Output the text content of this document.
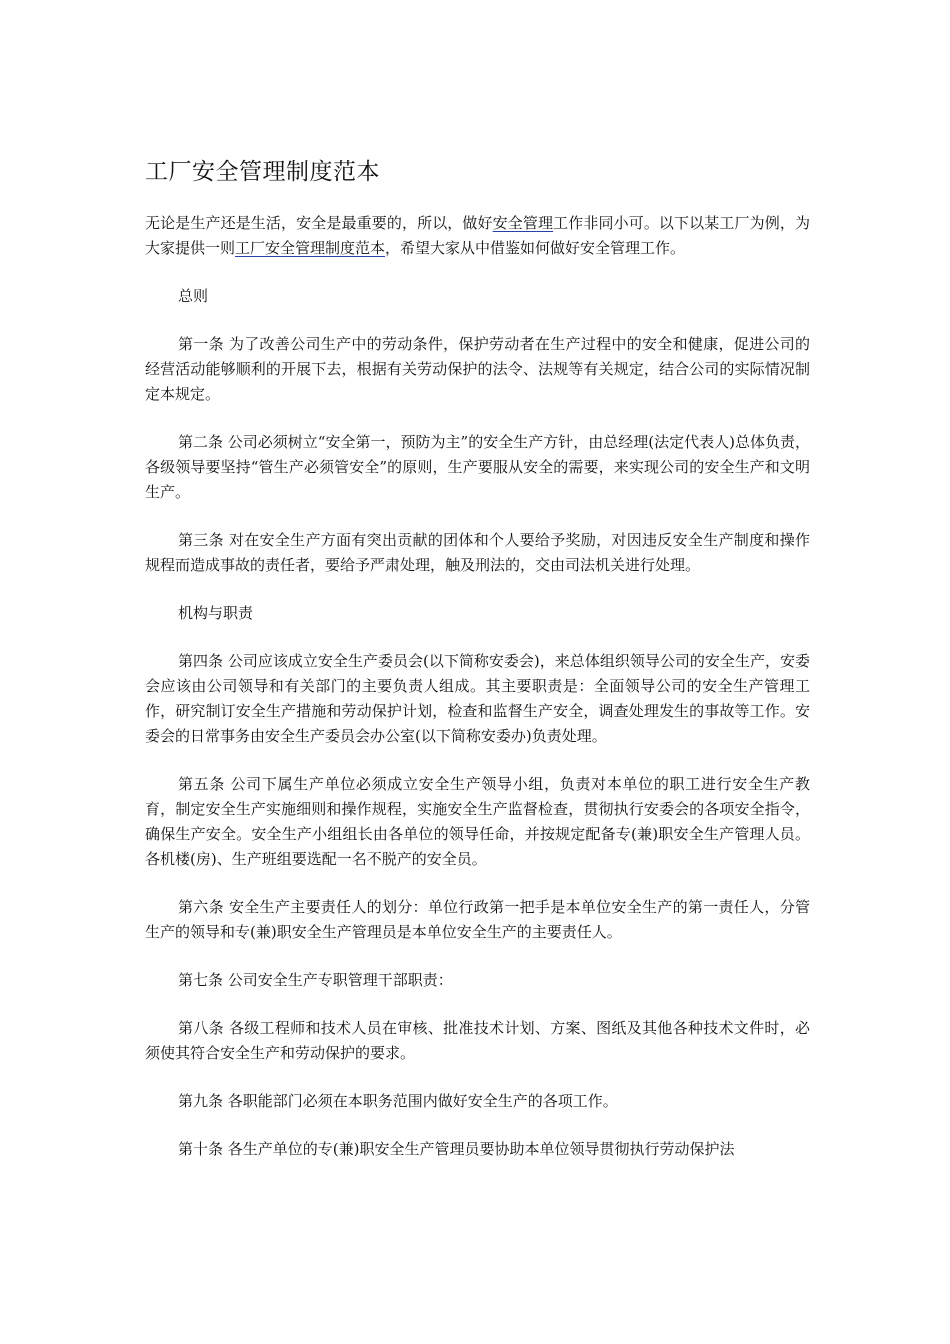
工厂安全管理制度范本

无论是生产还是生活，安全是最重要的，所以，做好安全管理工作非同小可。以下以某工厂为例，为大家提供一则工厂安全管理制度范本，希望大家从中借鉴如何做好安全管理工作。

总则

第一条 为了改善公司生产中的劳动条件，保护劳动者在生产过程中的安全和健康，促进公司的经营活动能够顺利的开展下去，根据有关劳动保护的法令、法规等有关规定，结合公司的实际情况制定本规定。

第二条 公司必须树立“安全第一，预防为主”的安全生产方针，由总经理(法定代表人)总体负责，各级领导要坚持“管生产必须管安全”的原则，生产要服从安全的需要，来实现公司的安全生产和文明生产。

第三条 对在安全生产方面有突出贡献的团体和个人要给予奖励，对因违反安全生产制度和操作规程而造成事故的责任者，要给予严肃处理，触及刑法的，交由司法机关进行处理。

机构与职责

第四条 公司应该成立安全生产委员会(以下简称安委会)，来总体组织领导公司的安全生产，安委会应该由公司领导和有关部门的主要负责人组成。其主要职责是：全面领导公司的安全生产管理工作，研究制订安全生产措施和劳动保护计划，检查和监督生产安全，调查处理发生的事故等工作。安委会的日常事务由安全生产委员会办公室(以下简称安委办)负责处理。

第五条 公司下属生产单位必须成立安全生产领导小组，负责对本单位的职工进行安全生产教育，制定安全生产实施细则和操作规程，实施安全生产监督检查，贯彻执行安委会的各项安全指令，确保生产安全。安全生产小组组长由各单位的领导任命，并按规定配备专(兼)职安全生产管理人员。各机楼(房)、生产班组要选配一名不脱产的安全员。

第六条 安全生产主要责任人的划分：单位行政第一把手是本单位安全生产的第一责任人，分管生产的领导和专(兼)职安全生产管理员是本单位安全生产的主要责任人。

第七条 公司安全生产专职管理干部职责：

第八条 各级工程师和技术人员在审核、批准技术计划、方案、图纸及其他各种技术文件时，必须使其符合安全生产和劳动保护的要求。

第九条 各职能部门必须在本职务范围内做好安全生产的各项工作。

第十条 各生产单位的专(兼)职安全生产管理员要协助本单位领导贯彻执行劳动保护法
